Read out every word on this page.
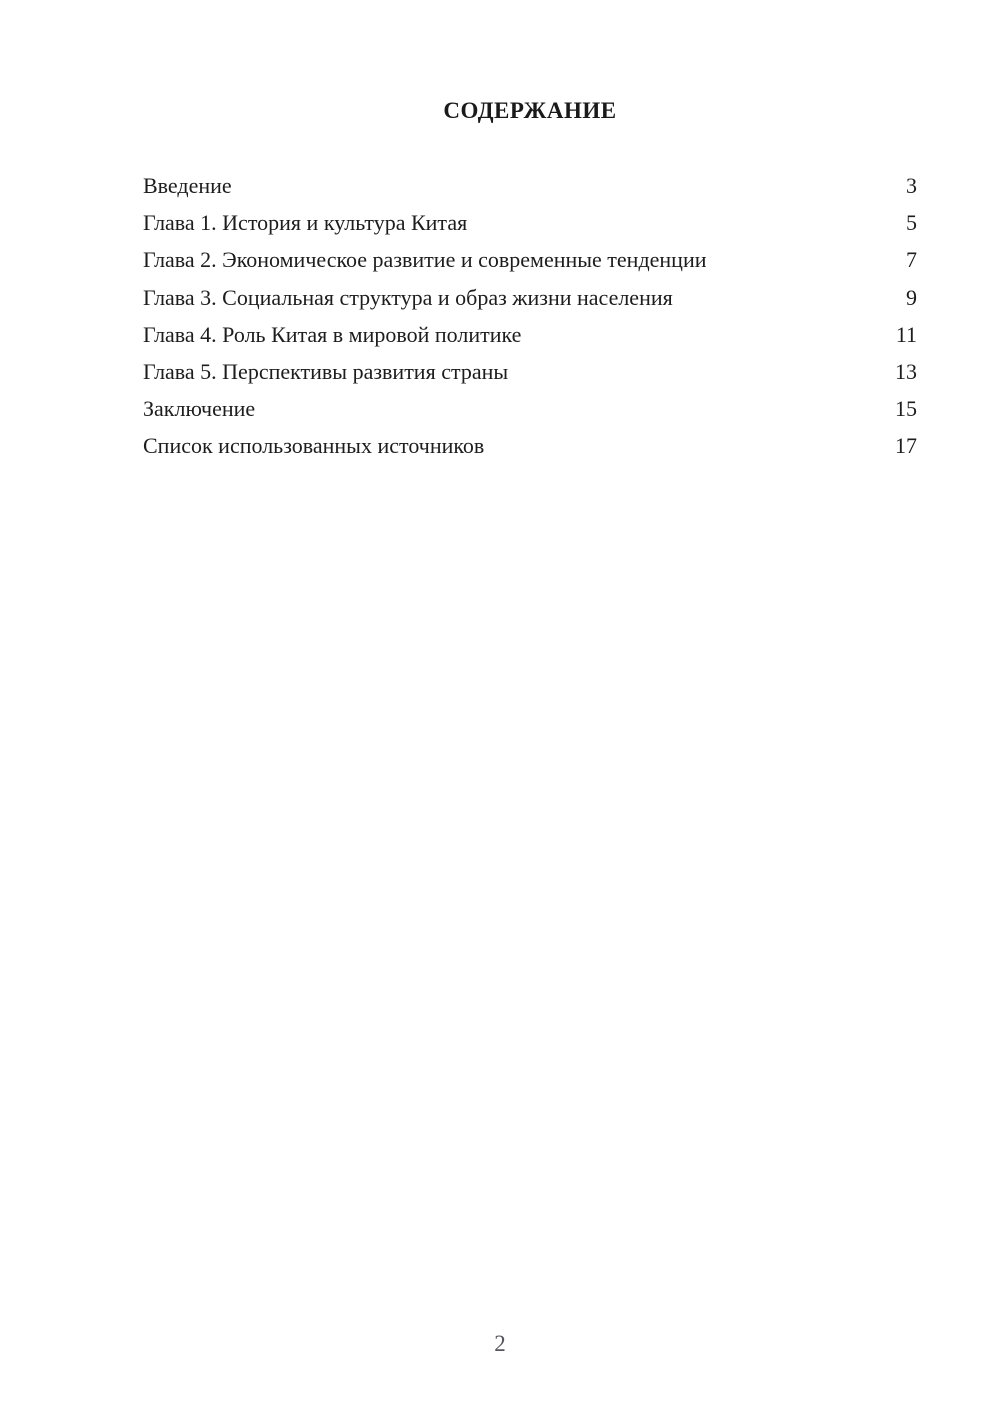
СОДЕРЖАНИЕ
Введение	3
Глава 1. История и культура Китая	5
Глава 2. Экономическое развитие и современные тенденции	7
Глава 3. Социальная структура и образ жизни населения	9
Глава 4. Роль Китая в мировой политике	11
Глава 5. Перспективы развития страны	13
Заключение	15
Список использованных источников	17
2
